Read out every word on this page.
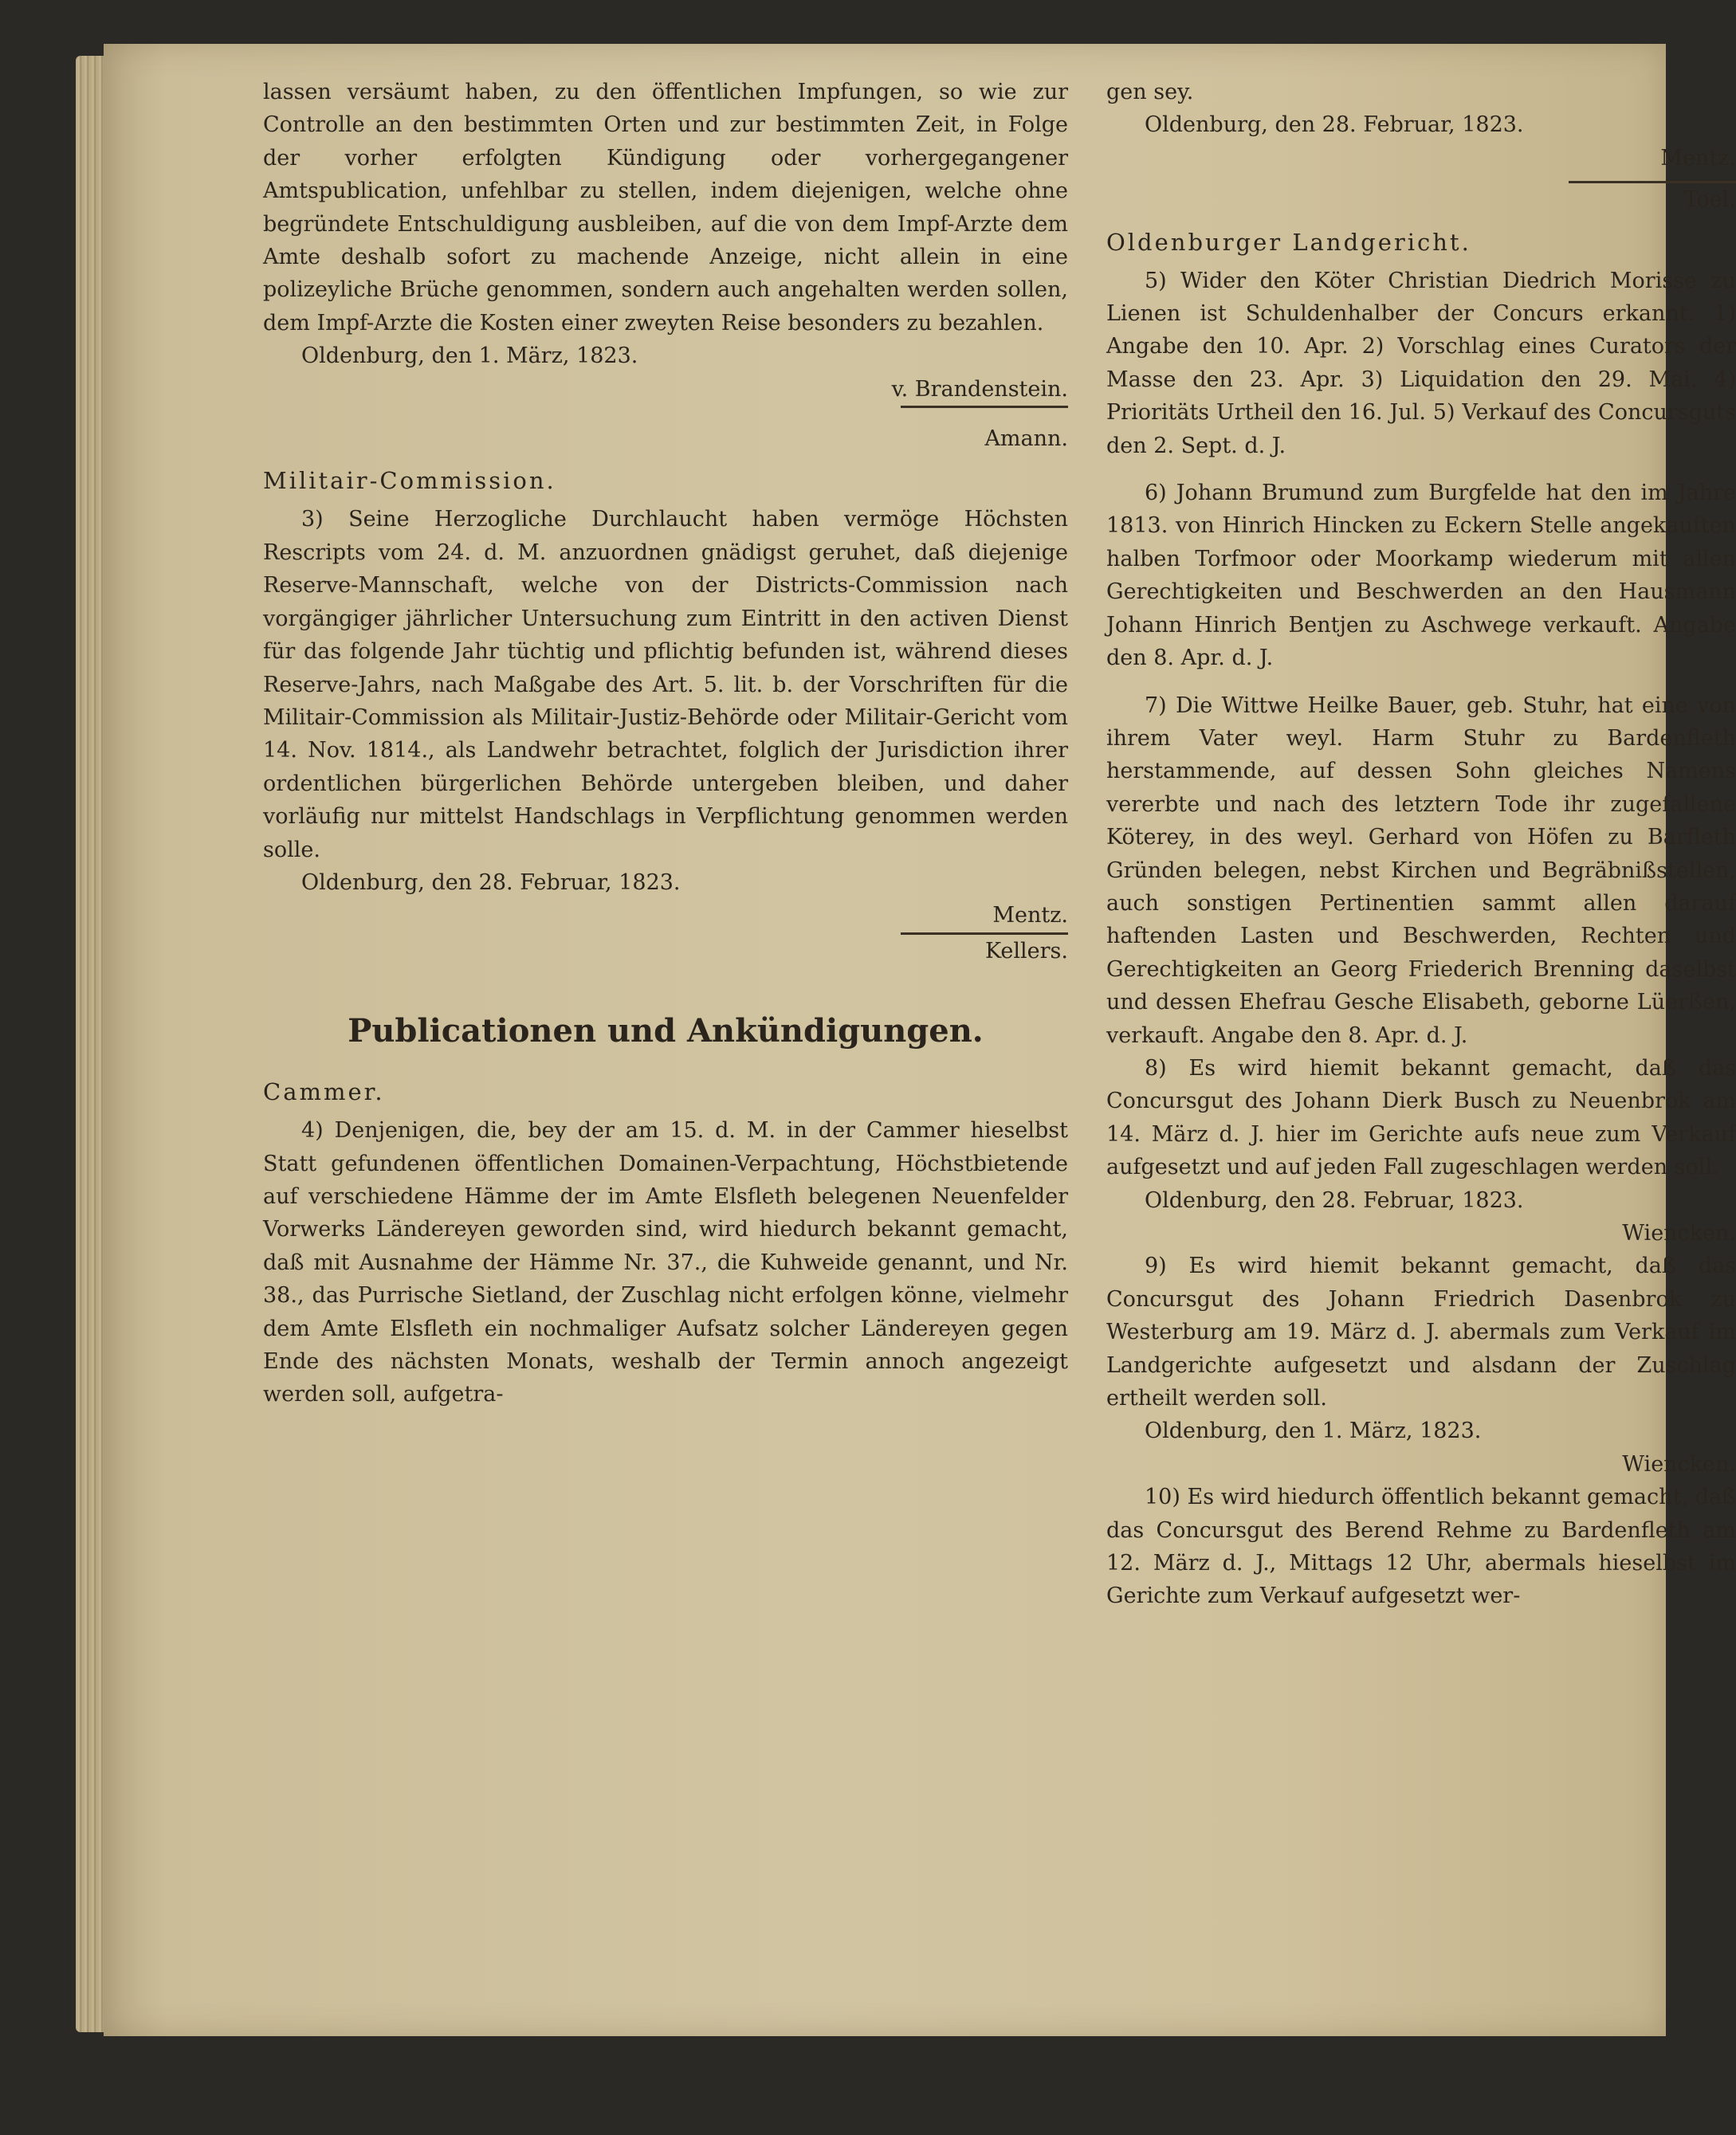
lassen versäumt haben, zu den öffentlichen Impfungen, so wie zur Controlle an den bestimmten Orten und zur bestimmten Zeit, in Folge der vorher erfolgten Kündigung oder vorhergegangener Amtspublication, unfehlbar zu stellen, indem diejenigen, welche ohne begründete Entschuldigung ausbleiben, auf die von dem Impf-Arzte dem Amte deshalb sofort zu machende Anzeige, nicht allein in eine polizeyliche Brüche genommen, sondern auch angehalten werden sollen, dem Impf-Arzte die Kosten einer zweyten Reise besonders zu bezahlen.

Oldenburg, den 1. März, 1823.

v. Brandenstein.

Amann.

Militair-Commission.

3) Seine Herzogliche Durchlaucht haben vermöge Höchsten Rescripts vom 24. d. M. anzuordnen gnädigst geruhet, daß diejenige Reserve-Mannschaft, welche von der Districts-Commission nach vorgängiger jährlicher Untersuchung zum Eintritt in den activen Dienst für das folgende Jahr tüchtig und pflichtig befunden ist, während dieses Reserve-Jahrs, nach Maßgabe des Art. 5. lit. b. der Vorschriften für die Militair-Commission als Militair-Justiz-Behörde oder Militair-Gericht vom 14. Nov. 1814., als Landwehr betrachtet, folglich der Jurisdiction ihrer ordentlichen bürgerlichen Behörde untergeben bleiben, und daher vorläufig nur mittelst Handschlags in Verpflichtung genommen werden solle.

Oldenburg, den 28. Februar, 1823.

Mentz.

Kellers.

Publicationen und Ankündigungen.
Cammer.

4) Denjenigen, die, bey der am 15. d. M. in der Cammer hieselbst Statt gefundenen öffentlichen Domainen-Verpachtung, Höchstbietende auf verschiedene Hämme der im Amte Elsfleth belegenen Neuenfelder Vorwerks Ländereyen geworden sind, wird hiedurch bekannt gemacht, daß mit Ausnahme der Hämme Nr. 37., die Kuhweide genannt, und Nr. 38., das Purrische Sietland, der Zuschlag nicht erfolgen könne, vielmehr dem Amte Elsfleth ein nochmaliger Aufsatz solcher Ländereyen gegen Ende des nächsten Monats, weshalb der Termin annoch angezeigt werden soll, aufgetra-

gen sey.

Oldenburg, den 28. Februar, 1823.

Mentz.

Toel.

Oldenburger Landgericht.

5) Wider den Köter Christian Diedrich Morisse zu Lienen ist Schuldenhalber der Concurs erkannt. 1) Angabe den 10. Apr. 2) Vorschlag eines Curators der Masse den 23. Apr. 3) Liquidation den 29. Mai. 4) Prioritäts Urtheil den 16. Jul. 5) Verkauf des Concursguts den 2. Sept. d. J.

6) Johann Brumund zum Burgfelde hat den im Jahre 1813. von Hinrich Hincken zu Eckern Stelle angekauften halben Torfmoor oder Moorkamp wiederum mit allen Gerechtigkeiten und Beschwerden an den Hausmann Johann Hinrich Bentjen zu Aschwege verkauft. Angabe den 8. Apr. d. J.

7) Die Wittwe Heilke Bauer, geb. Stuhr, hat eine von ihrem Vater weyl. Harm Stuhr zu Bardenfleth herstammende, auf dessen Sohn gleiches Namens vererbte und nach des letztern Tode ihr zugefallene Köterey, in des weyl. Gerhard von Höfen zu Barfleth Gründen belegen, nebst Kirchen und Begräbnißstellen, auch sonstigen Pertinentien sammt allen darauf haftenden Lasten und Beschwerden, Rechten und Gerechtigkeiten an Georg Friederich Brenning daselbst und dessen Ehefrau Gesche Elisabeth, geborne Lüerßen, verkauft. Angabe den 8. Apr. d. J.

8) Es wird hiemit bekannt gemacht, daß das Concursgut des Johann Dierk Busch zu Neuenbrok am 14. März d. J. hier im Gerichte aufs neue zum Verkauf aufgesetzt und auf jeden Fall zugeschlagen werden soll.

Oldenburg, den 28. Februar, 1823.

Wiencken.

9) Es wird hiemit bekannt gemacht, daß das Concursgut des Johann Friedrich Dasenbrok zu Westerburg am 19. März d. J. abermals zum Verkauf im Landgerichte aufgesetzt und alsdann der Zuschlag ertheilt werden soll.

Oldenburg, den 1. März, 1823.

Wiencken.

10) Es wird hiedurch öffentlich bekannt gemacht, daß das Concursgut des Berend Rehme zu Bardenfleth am 12. März d. J., Mittags 12 Uhr, abermals hieselbst im Gerichte zum Verkauf aufgesetzt wer-
